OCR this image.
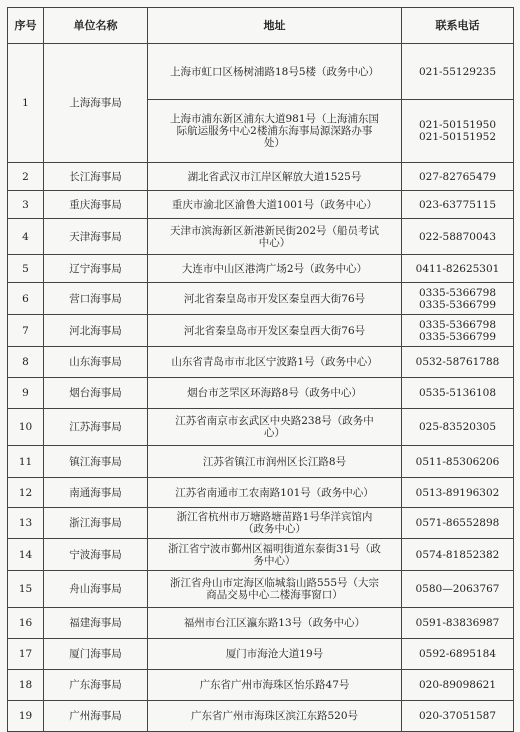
序号	单位名称	地址	联系电话
1	上海海事局	上海市虹口区杨树浦路18号5楼（政务中心）	021-55129235
		上海市浦东新区浦东大道981号（上海浦东国
际航运服务中心2楼浦东海事局源深路办事
处）	021-50151950
021-50151952
2	长江海事局	湖北省武汉市江岸区解放大道1525号	027-82765479
3	重庆海事局	重庆市渝北区渝鲁大道1001号（政务中心）	023-63775115
4	天津海事局	天津市滨海新区新港新民街202号（船员考试
中心）	022-58870043
5	辽宁海事局	大连市中山区港湾广场2号（政务中心）	0411-82625301
6	营口海事局	河北省秦皇岛市开发区秦皇西大街76号	0335-5366798
0335-5366799
7	河北海事局	河北省秦皇岛市开发区秦皇西大街76号	0335-5366798
0335-5366799
8	山东海事局	山东省青岛市市北区宁波路1号（政务中心）	0532-58761788
9	烟台海事局	烟台市芝罘区环海路8号（政务中心）	0535-5136108
10	江苏海事局	江苏省南京市玄武区中央路238号（政务中
心）	025-83520305
11	镇江海事局	江苏省镇江市润州区长江路8号	0511-85306206
12	南通海事局	江苏省南通市工农南路101号（政务中心）	0513-89196302
13	浙江海事局	浙江省杭州市万塘路塘苗路1号华洋宾馆内
（政务中心）	0571-86552898
14	宁波海事局	浙江省宁波市鄞州区福明街道东泰街31号（政
务中心）	0574-81852382
15	舟山海事局	浙江省舟山市定海区临城翁山路555号（大宗
商品交易中心二楼海事窗口）	0580—2063767
16	福建海事局	福州市台江区瀛东路13号（政务中心）	0591-83836987
17	厦门海事局	厦门市海沧大道19号	0592-6895184
18	广东海事局	广东省广州市海珠区怡乐路47号	020-89098621
19	广州海事局	广东省广州市海珠区滨江东路520号	020-37051587
